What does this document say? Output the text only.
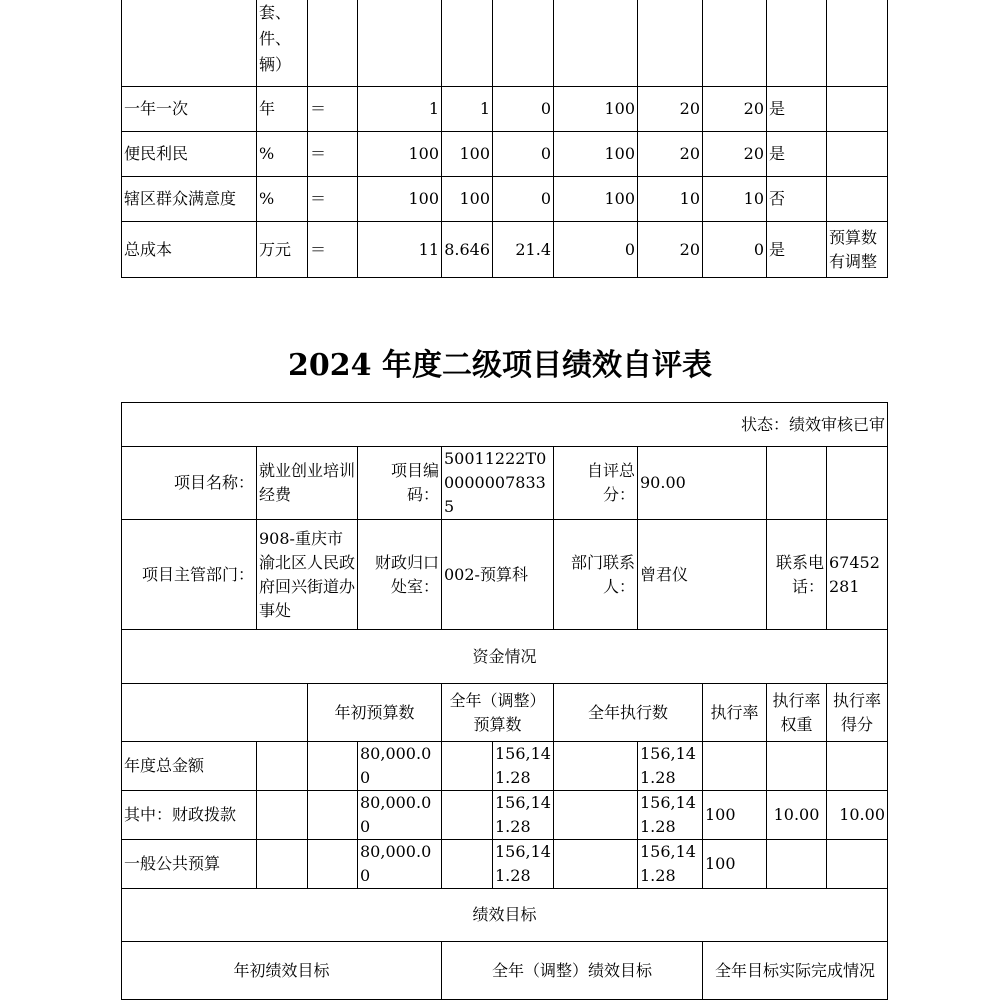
	套、件、辆）									
一年一次	年	＝	1	1	0	100	20	20	是	
便民利民	%	＝	100	100	0	100	20	20	是	
辖区群众满意度	%	＝	100	100	0	100	10	10	否	
总成本	万元	＝	11	8.646	21.4	0	20	0	是	预算数有调整
2024 年度二级项目绩效自评表
状态：绩效审核已审										
项目名称：	就业创业培训经费		项目编码：	50011222T000000078335		自评总分：	90.00			
项目主管部门：	908-重庆市渝北区人民政府回兴街道办事处		财政归口处室：	002-预算科		部门联系人：	曾君仪		联系电话：	67452281
资金情况										
		年初预算数		全年（调整）预算数		全年执行数		执行率	执行率权重	执行率得分
年度总金额			80,000.00		156,141.28		156,141.28			
其中：财政拨款			80,000.00		156,141.28		156,141.28	100	10.00	10.00
一般公共预算			80,000.00		156,141.28		156,141.28	100		
绩效目标										
年初绩效目标				全年（调整）绩效目标				全年目标实际完成情况		
